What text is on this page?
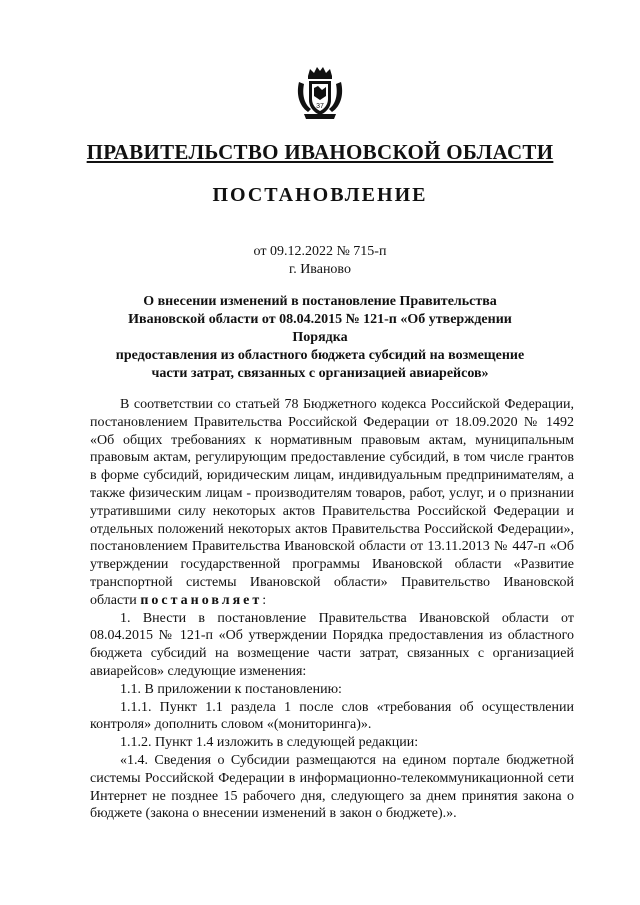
37
ПРАВИТЕЛЬСТВО ИВАНОВСКОЙ ОБЛАСТИ
ПОСТАНОВЛЕНИЕ
от 09.12.2022 № 715-п
г. Иваново
О внесении изменений в постановление Правительства
Ивановской области от 08.04.2015 № 121-п «Об утверждении Порядка
предоставления из областного бюджета субсидий на возмещение
части затрат, связанных с организацией авиарейсов»

В соответствии со статьей 78 Бюджетного кодекса Российской Федерации, постановлением Правительства Российской Федерации от 18.09.2020 № 1492 «Об общих требованиях к нормативным правовым актам, муниципальным правовым актам, регулирующим предоставление субсидий, в том числе грантов в форме субсидий, юридическим лицам, индивидуальным предпринимателям, а также физическим лицам - производителям товаров, работ, услуг, и о признании утратившими силу некоторых актов Правительства Российской Федерации и отдельных положений некоторых актов Правительства Российской Федерации», постановлением Правительства Ивановской области от 13.11.2013 № 447-п «Об утверждении государственной программы Ивановской области «Развитие транспортной системы Ивановской области» Правительство Ивановской области постановляет:

1. Внести в постановление Правительства Ивановской области от 08.04.2015 № 121-п «Об утверждении Порядка предоставления из областного бюджета субсидий на возмещение части затрат, связанных с организацией авиарейсов» следующие изменения:

1.1. В приложении к постановлению:

1.1.1. Пункт 1.1 раздела 1 после слов «требования об осуществлении контроля» дополнить словом «(мониторинга)».

1.1.2. Пункт 1.4 изложить в следующей редакции:

«1.4. Сведения о Субсидии размещаются на едином портале бюджетной системы Российской Федерации в информационно-телекоммуникационной сети Интернет не позднее 15 рабочего дня, следующего за днем принятия закона о бюджете (закона о внесении изменений в закон о бюджете).».
